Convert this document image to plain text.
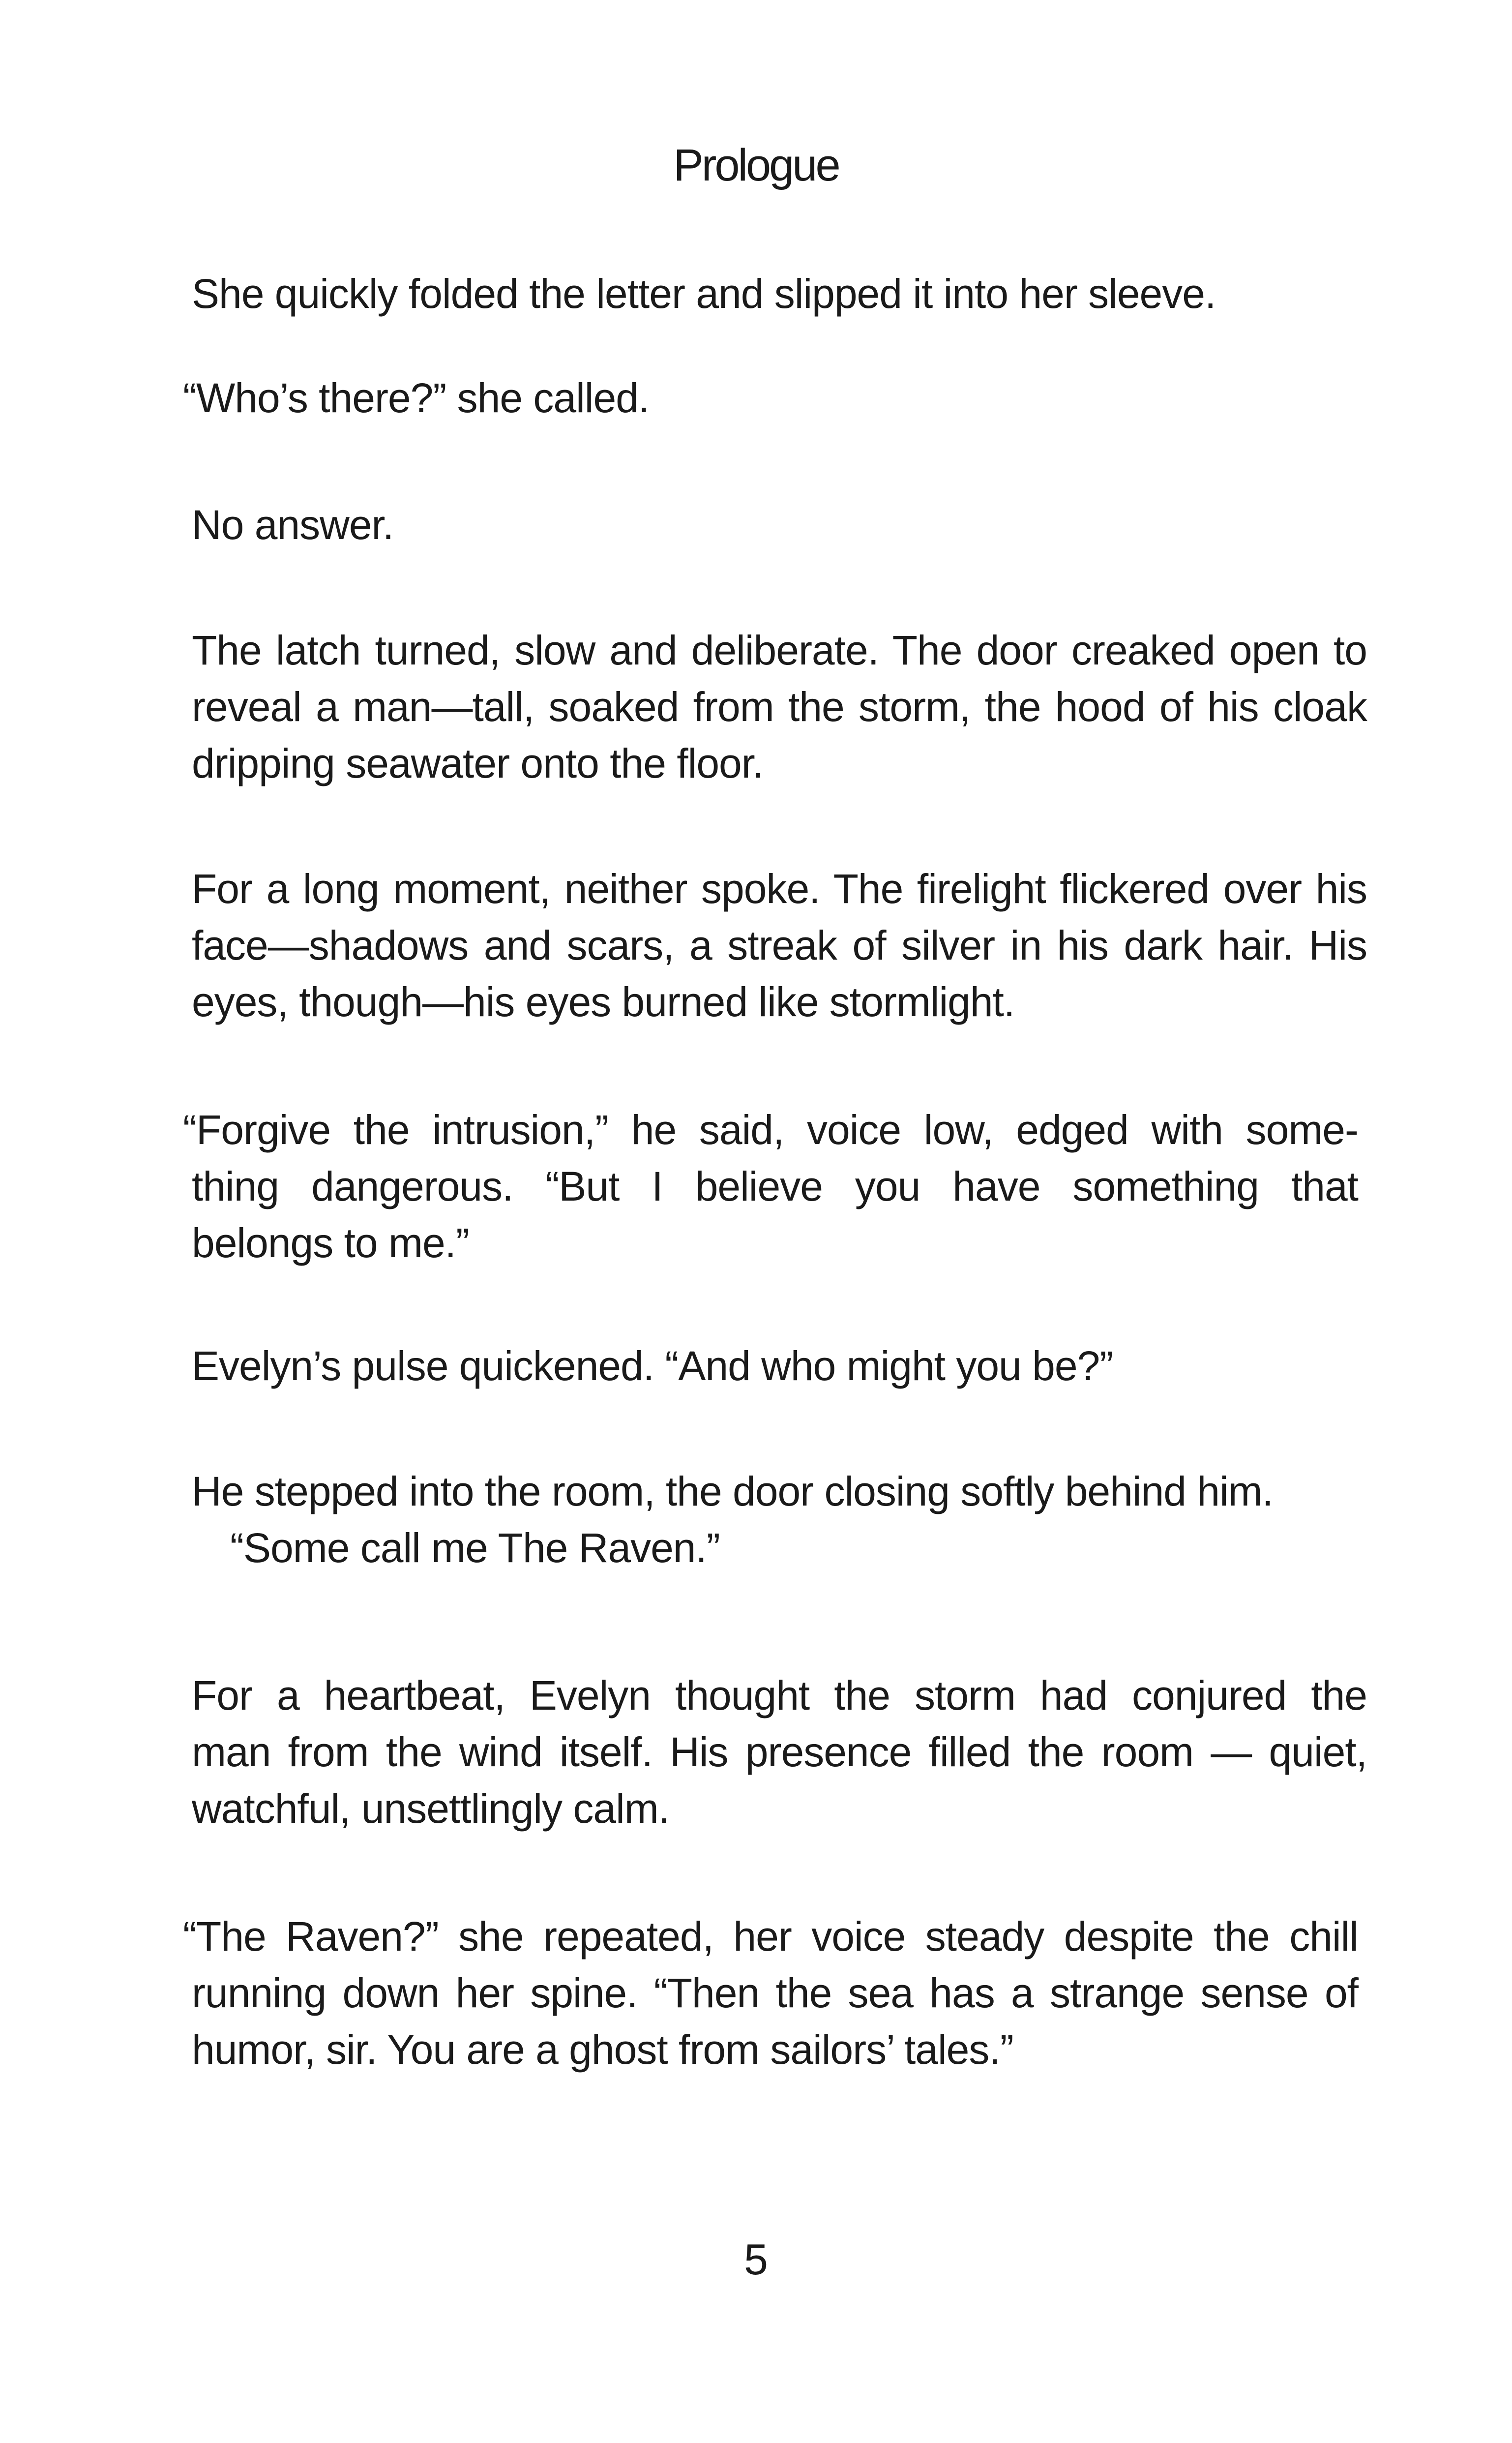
Prologue

She quickly folded the letter and slipped it into her sleeve.

“Who’s there?” she called.

No answer.

The latch turned, slow and deliberate. The door creaked open to
reveal a man—tall, soaked from the storm, the hood of his cloak
dripping seawater onto the floor.

For a long moment, neither spoke. The firelight flickered over his
face—shadows and scars, a streak of silver in his dark hair. His
eyes, though—his eyes burned like stormlight.

“Forgive the intrusion,” he said, voice low, edged with some-
thing dangerous. “But I believe you have something that
belongs to me.”

Evelyn’s pulse quickened. “And who might you be?”

He stepped into the room, the door closing softly behind him.
“Some call me The Raven.”

For a heartbeat, Evelyn thought the storm had conjured the
man from the wind itself. His presence filled the room — quiet,
watchful, unsettlingly calm.

“The Raven?” she repeated, her voice steady despite the chill
running down her spine. “Then the sea has a strange sense of
humor, sir. You are a ghost from sailors’ tales.”

5
